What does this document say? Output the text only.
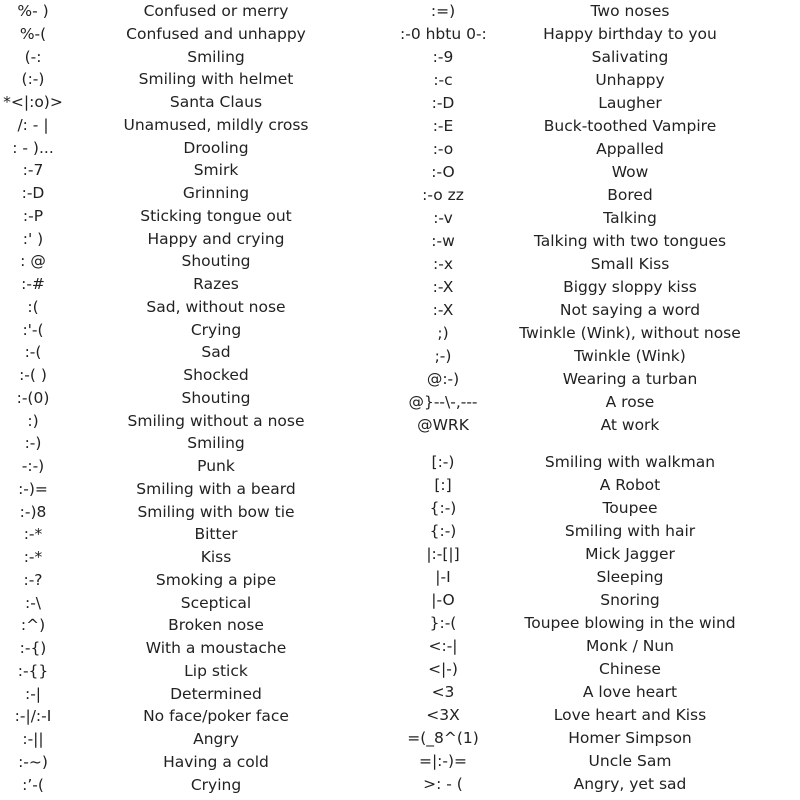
%- )	Confused or merry
%-(	Confused and unhappy
(-:	Smiling
(:-)	Smiling with helmet
*<|:o)>	Santa Claus
/: - |	Unamused, mildly cross
: - )...	Drooling
:-7	Smirk
:-D	Grinning
:-P	Sticking tongue out
:' )	Happy and crying
: @	Shouting
:-#	Razes
:(	Sad, without nose
:'-(	Crying
:-(	Sad
:-( )	Shocked
:-(0)	Shouting
:)	Smiling without a nose
:-)	Smiling
-:-)	Punk
:-)=	Smiling with a beard
:-)8	Smiling with bow tie
:-*	Bitter
:-*	Kiss
:-?	Smoking a pipe
:-\	Sceptical
:^)	Broken nose
:-{)	With a moustache
:-{}	Lip stick
:-|	Determined
:-|/:-I	No face/poker face
:-||	Angry
:-~)	Having a cold
:’-(	Crying
:=)	Two noses
:-0 hbtu 0-:	Happy birthday to you
:-9	Salivating
:-c	Unhappy
:-D	Laugher
:-E	Buck-toothed Vampire
:-o	Appalled
:-O	Wow
:-o zz	Bored
:-v	Talking
:-w	Talking with two tongues
:-x	Small Kiss
:-X	Biggy sloppy kiss
:-X	Not saying a word
;)	Twinkle (Wink), without nose
;-)	Twinkle (Wink)
@:-)	Wearing a turban
@}--\-,---	A rose
@WRK	At work
[:-)	Smiling with walkman
[:]	A Robot
{:-)	Toupee
{:-)	Smiling with hair
|:-[|]	Mick Jagger
|-I	Sleeping
|-O	Snoring
}:-(	Toupee blowing in the wind
<:-|	Monk / Nun
<|-)	Chinese
<3	A love heart
<3X	Love heart and Kiss
=(_8^(1)	Homer Simpson
=|:-)=	Uncle Sam
>: - (	Angry, yet sad
